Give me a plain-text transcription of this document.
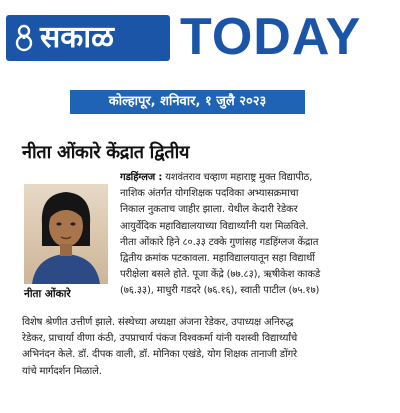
सकाळ TODAY
कोल्हापूर, शनिवार, १ जुलै २०२३
नीता ओंकारे केंद्रात द्वितीय
नीता ओंकारे
गडहिंग्लज : यशवंतराव चव्हाण महाराष्ट्र मुक्त विद्यापीठ,
नाशिक अंतर्गत योगशिक्षक पदविका अभ्यासक्रमाचा
निकाल नुकताच जाहीर झाला. येथील केदारी रेडेकर
आयुर्वेदिक महाविद्यालयाच्या विद्यार्थ्यांनी यश मिळविले.
नीता ओंकारे हिने ८०.३३ टक्के गुणांसह गडहिंग्लज केंद्रात
द्वितीय क्रमांक पटकावला. महाविद्यालयातून सहा विद्यार्थी
परीक्षेला बसले होते. पूजा केंद्रे (७७.८३), ऋषीकेश काकडे
(७६.३३), माधुरी गडदरे (७६.१६), स्वाती पाटील (७५.१७)
विशेष श्रेणीत उत्तीर्ण झाले. संस्थेच्या अध्यक्षा अंजना रेडेकर, उपाध्यक्ष अनिरुद्ध
रेडेकर, प्राचार्या वीणा कंठी, उपप्राचार्य पंकज विश्वकर्मा यांनी यशस्वी विद्यार्थ्यांचे
अभिनंदन केले. डॉ. दीपक वाली, डॉ. मोनिका एखंडे, योग शिक्षक तानाजी डोंगरे
यांचे मार्गदर्शन मिळाले.
